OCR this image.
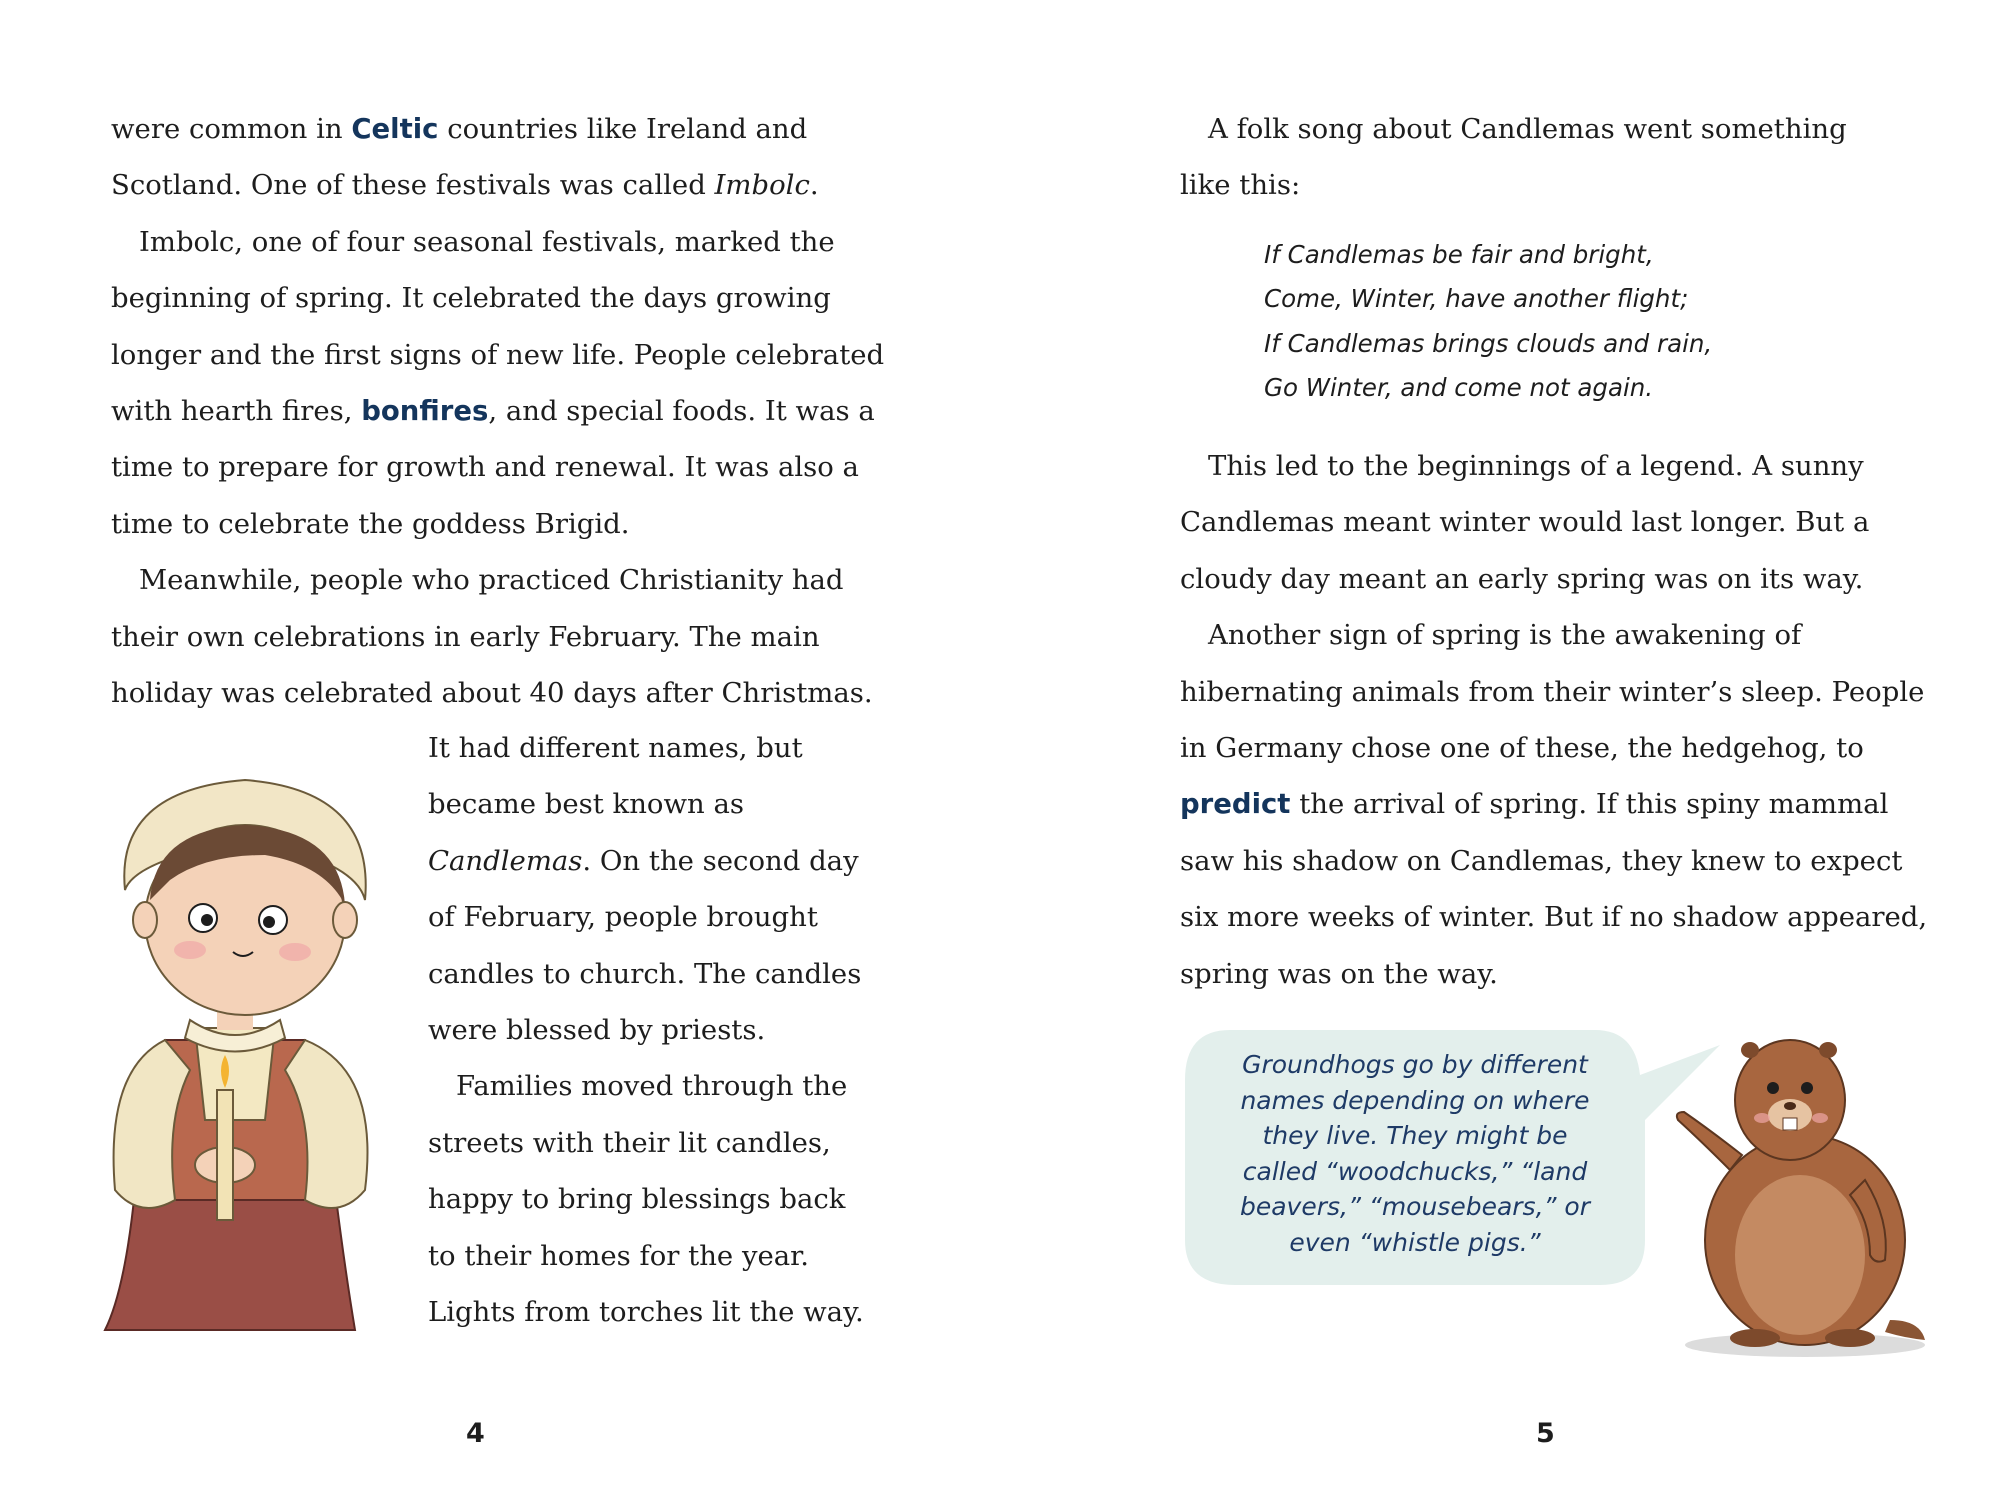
were common in Celtic countries like Ireland and
Scotland. One of these festivals was called Imbolc.
Imbolc, one of four seasonal festivals, marked the
beginning of spring. It celebrated the days growing
longer and the first signs of new life. People celebrated
with hearth fires, bonfires, and special foods. It was a
time to prepare for growth and renewal. It was also a
time to celebrate the goddess Brigid.
Meanwhile, people who practiced Christianity had
their own celebrations in early February. The main
holiday was celebrated about 40 days after Christmas.
It had different names, but
became best known as
Candlemas. On the second day
of February, people brought
candles to church. The candles
were blessed by priests.
Families moved through the
streets with their lit candles,
happy to bring blessings back
to their homes for the year.
Lights from torches lit the way.
4
A folk song about Candlemas went something
like this:
If Candlemas be fair and bright,
Come, Winter, have another flight;
If Candlemas brings clouds and rain,
Go Winter, and come not again.
This led to the beginnings of a legend. A sunny
Candlemas meant winter would last longer. But a
cloudy day meant an early spring was on its way.
Another sign of spring is the awakening of
hibernating animals from their winter’s sleep. People
in Germany chose one of these, the hedgehog, to
predict the arrival of spring. If this spiny mammal
saw his shadow on Candlemas, they knew to expect
six more weeks of winter. But if no shadow appeared,
spring was on the way.
Groundhogs go by different
names depending on where
they live. They might be
called “woodchucks,” “land
beavers,” “mousebears,” or
even “whistle pigs.”
5
